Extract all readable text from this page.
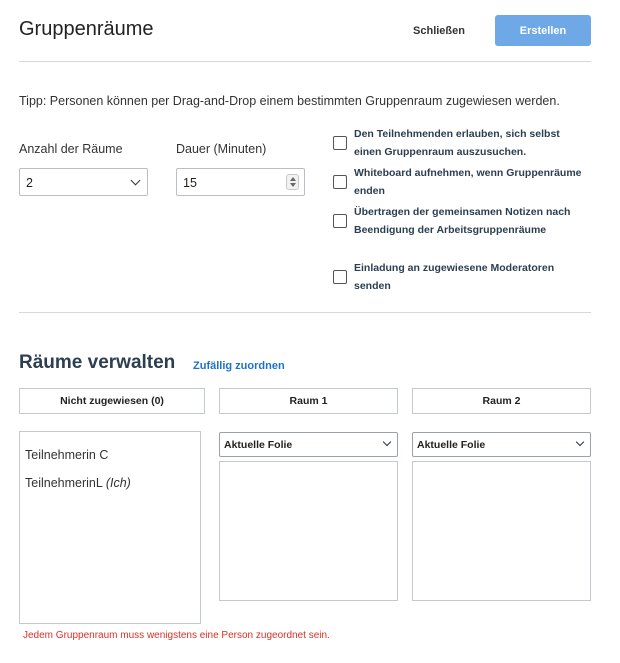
Gruppenräume	Schließen	Erstellen
Tipp: Personen können per Drag-and-Drop einem bestimmten Gruppenraum zugewiesen werden.
Anzahl der Räume	Dauer (Minuten)
2	15
Den Teilnehmenden erlauben, sich selbst einen Gruppenraum auszusuchen.
Whiteboard aufnehmen, wenn Gruppenräume enden
Übertragen der gemeinsamen Notizen nach Beendigung der Arbeitsgruppenräume
Einladung an zugewiesene Moderatoren senden
Räume verwalten Zufällig zuordnen
Nicht zugewiesen (0)	Raum 1	Raum 2
Teilnehmerin C
TeilnehmerinL (Ich)
Aktuelle Folie	Aktuelle Folie
Jedem Gruppenraum muss wenigstens eine Person zugeordnet sein.
